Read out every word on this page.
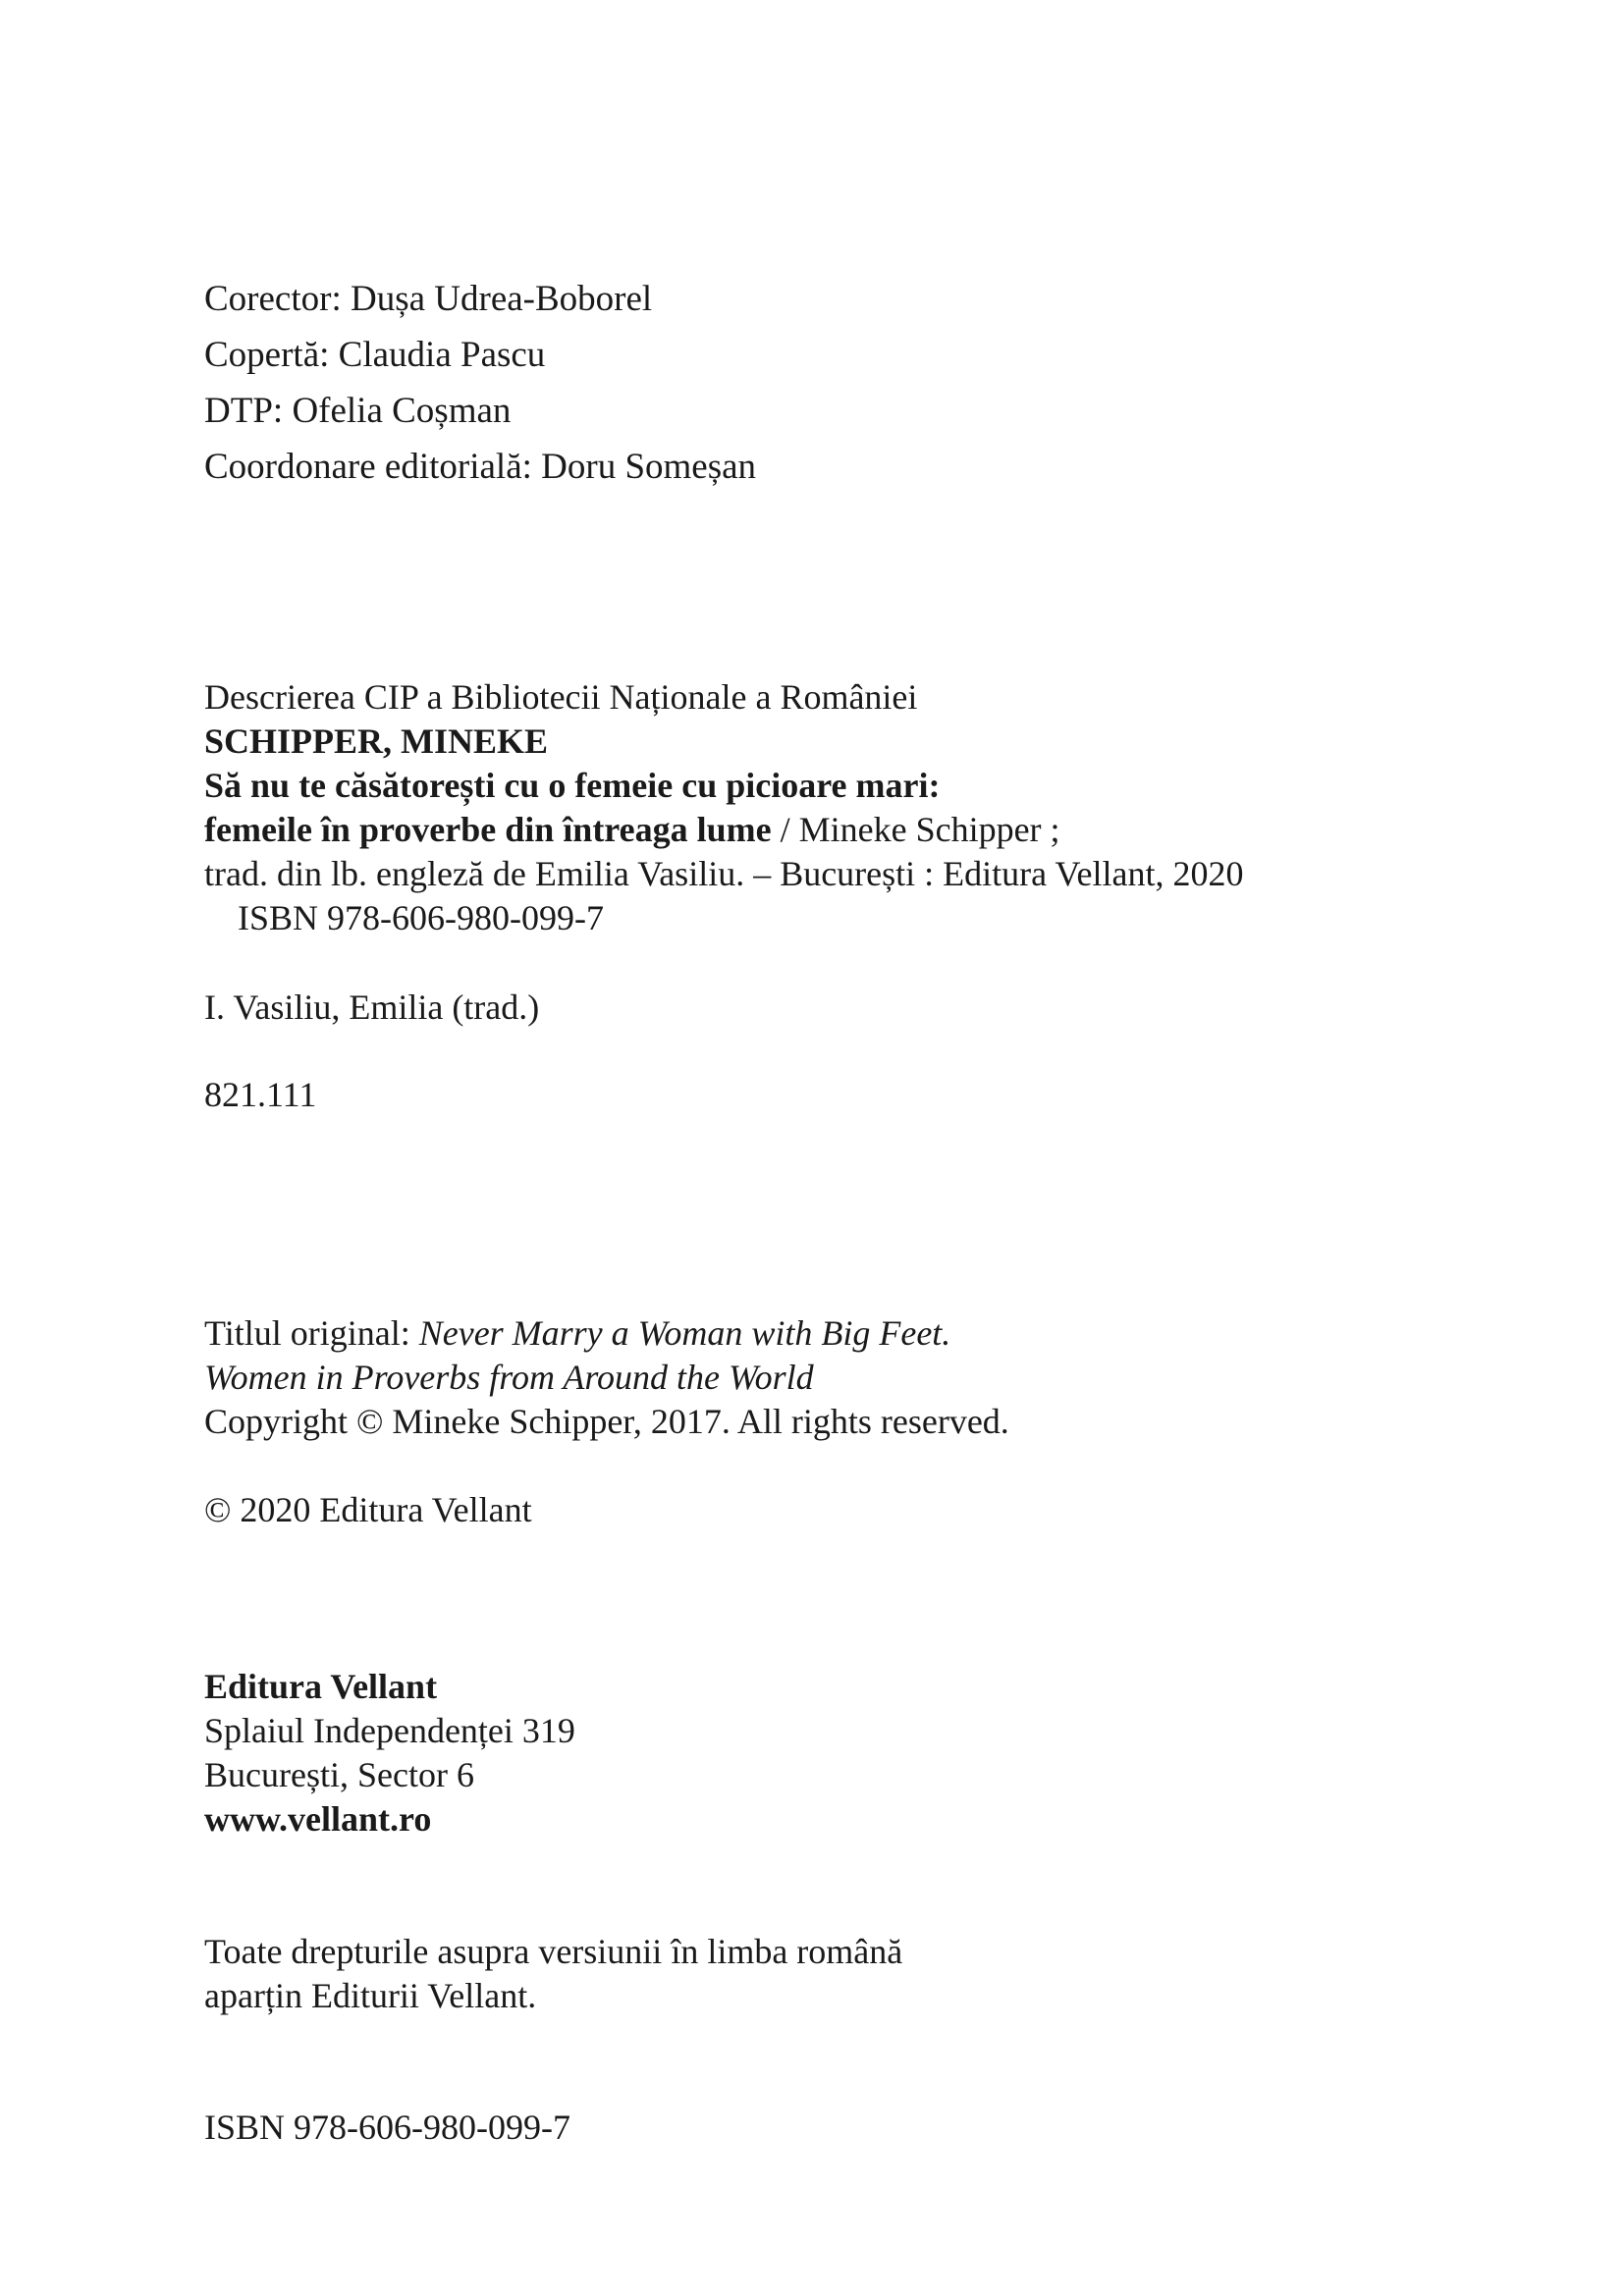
Corector: Dușa Udrea-Boborel
Copertă: Claudia Pascu
DTP: Ofelia Coșman
Coordonare editorială: Doru Someșan
Descrierea CIP a Bibliotecii Naționale a României
SCHIPPER, MINEKE
Să nu te căsătorești cu o femeie cu picioare mari:
femeile în proverbe din întreaga lume / Mineke Schipper ;
trad. din lb. engleză de Emilia Vasiliu. – București : Editura Vellant, 2020
ISBN 978-606-980-099-7
I. Vasiliu, Emilia (trad.)
821.111
Titlul original: Never Marry a Woman with Big Feet.
Women in Proverbs from Around the World
Copyright © Mineke Schipper, 2017. All rights reserved.
© 2020 Editura Vellant
Editura Vellant
Splaiul Independenței 319
București, Sector 6
www.vellant.ro
Toate drepturile asupra versiunii în limba română
aparțin Editurii Vellant.
ISBN 978-606-980-099-7
